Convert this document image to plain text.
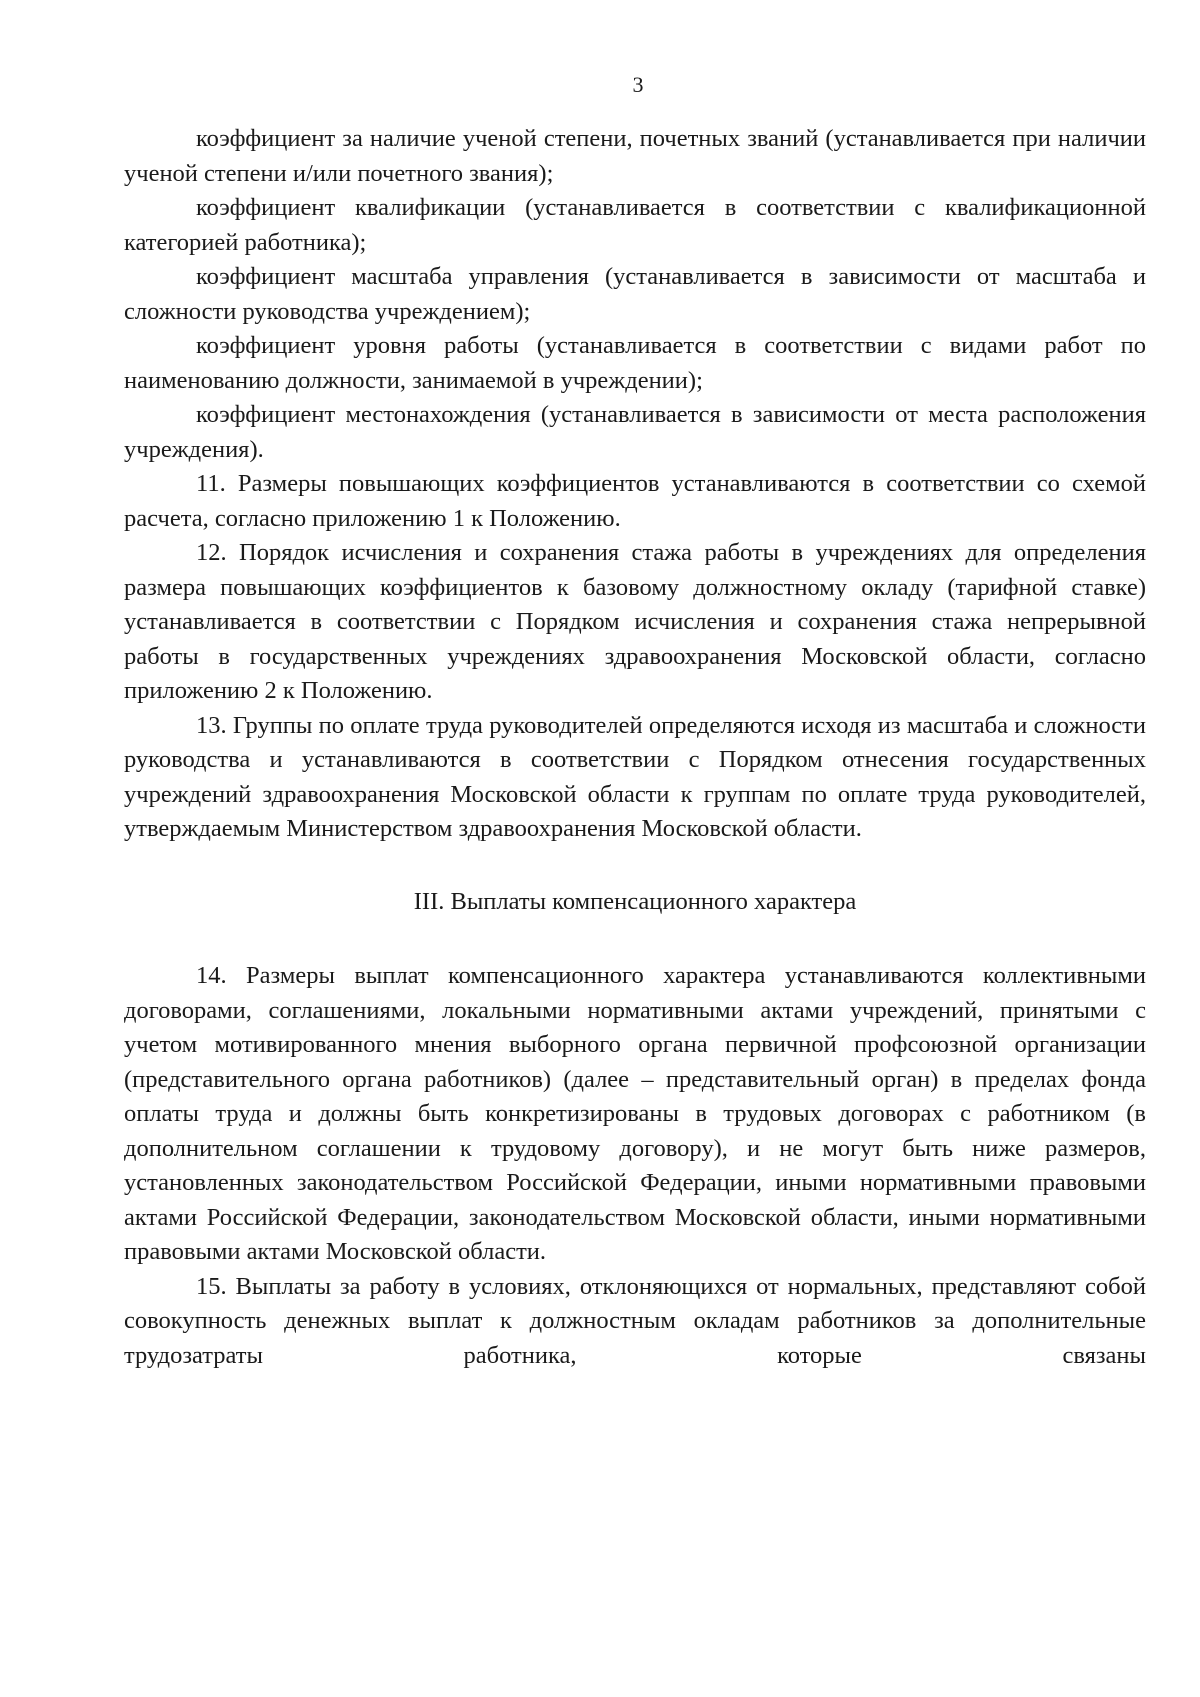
3

коэффициент за наличие ученой степени, почетных званий (устанавливается при наличии ученой степени и/или почетного звания);

коэффициент квалификации (устанавливается в соответствии с квалификационной категорией работника);

коэффициент масштаба управления (устанавливается в зависимости от масштаба и сложности руководства учреждением);

коэффициент уровня работы (устанавливается в соответствии с видами работ по наименованию должности, занимаемой в учреждении);

коэффициент местонахождения (устанавливается в зависимости от места расположения учреждения).

11. Размеры повышающих коэффициентов устанавливаются в соответствии со схемой расчета, согласно приложению 1 к Положению.

12. Порядок исчисления и сохранения стажа работы в учреждениях для определения размера повышающих коэффициентов к базовому должностному окладу (тарифной ставке) устанавливается в соответствии с Порядком исчисления и сохранения стажа непрерывной работы в государственных учреждениях здравоохранения Московской области, согласно приложению 2 к Положению.

13. Группы по оплате труда руководителей определяются исходя из масштаба и сложности руководства и устанавливаются в соответствии с Порядком отнесения государственных учреждений здравоохранения Московской области к группам по оплате труда руководителей, утверждаемым Министерством здравоохранения Московской области.

III. Выплаты компенсационного характера

14. Размеры выплат компенсационного характера устанавливаются коллективными договорами, соглашениями, локальными нормативными актами учреждений, принятыми с учетом мотивированного мнения выборного органа первичной профсоюзной организации (представительного органа работников) (далее – представительный орган) в пределах фонда оплаты труда и должны быть конкретизированы в трудовых договорах с работником (в дополнительном соглашении к трудовому договору), и не могут быть ниже размеров, установленных законодательством Российской Федерации, иными нормативными правовыми актами Российской Федерации, законодательством Московской области, иными нормативными правовыми актами Московской области.

15. Выплаты за работу в условиях, отклоняющихся от нормальных, представляют собой совокупность денежных выплат к должностным окладам работников за дополнительные трудозатраты работника, которые связаны
